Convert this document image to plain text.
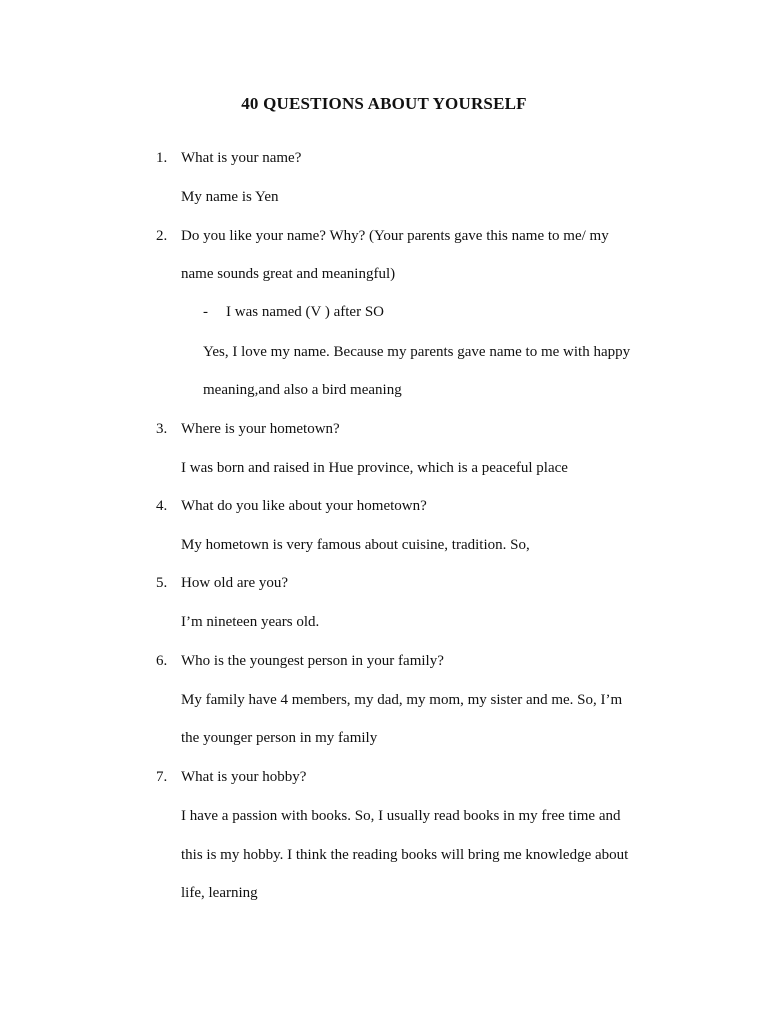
40 QUESTIONS ABOUT YOURSELF
1. What is your name?
My name is Yen
2. Do you like your name? Why? (Your parents gave this name to me/ my
name sounds great and meaningful)
- I was named (V ) after SO
Yes, I love my name. Because my parents gave name to me with happy
meaning,and also a bird meaning
3. Where is your hometown?
I was born and raised in Hue province, which is a peaceful place
4. What do you like about your hometown?
My hometown is very famous about cuisine, tradition. So,
5. How old are you?
I’m nineteen years old.
6. Who is the youngest person in your family?
My family have 4 members, my dad, my mom, my sister and me. So, I’m
the younger person in my family
7. What is your hobby?
I have a passion with books. So, I usually read books in my free time and
this is my hobby. I think the reading books will bring me knowledge about
life, learning
